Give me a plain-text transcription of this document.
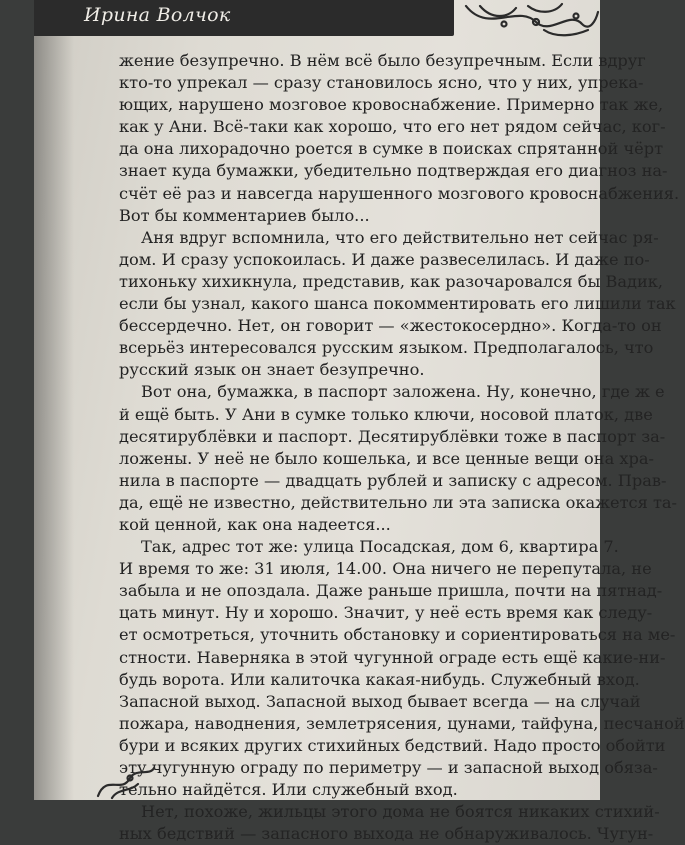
Ирина Волчок
жение безупречно. В нём всё было безупречным. Если вдруг
кто-то упрекал — сразу становилось ясно, что у них, упрека-
ющих, нарушено мозговое кровоснабжение. Примерно так же,
как у Ани. Всё-таки как хорошо, что его нет рядом сейчас, ког-
да она лихорадочно роется в сумке в поисках спрятанной чёрт
знает куда бумажки, убедительно подтверждая его диагноз на-
счёт её раз и навсегда нарушенного мозгового кровоснабжения.
Вот бы комментариев было...
Аня вдруг вспомнила, что его действительно нет сейчас ря-
дом. И сразу успокоилась. И даже развеселилась. И даже по-
тихоньку хихикнула, представив, как разочаровался бы Вадик,
если бы узнал, какого шанса покомментировать его лишили так
бессердечно. Нет, он говорит — «жестокосердно». Когда-то он
всерьёз интересовался русским языком. Предполагалось, что
русский язык он знает безупречно.
Вот она, бумажка, в паспорт заложена. Ну, конечно, где ж е
й ещё быть. У Ани в сумке только ключи, носовой платок, две
десятирублёвки и паспорт. Десятирублёвки тоже в паспорт за-
ложены. У неё не было кошелька, и все ценные вещи она хра-
нила в паспорте — двадцать рублей и записку с адресом. Прав-
да, ещё не известно, действительно ли эта записка окажется та-
кой ценной, как она надеется...
Так, адрес тот же: улица Посадская, дом 6, квартира 7.
И время то же: 31 июля, 14.00. Она ничего не перепутала, не
забыла и не опоздала. Даже раньше пришла, почти на пятнад-
цать минут. Ну и хорошо. Значит, у неё есть время как следу-
ет осмотреться, уточнить обстановку и сориентироваться на ме-
стности. Наверняка в этой чугунной ограде есть ещё какие-ни-
будь ворота. Или калиточка какая-нибудь. Служебный вход.
Запасной выход. Запасной выход бывает всегда — на случай
пожара, наводнения, землетрясения, цунами, тайфуна, песчаной
бури и всяких других стихийных бедствий. Надо просто обойти
эту чугунную ограду по периметру — и запасной выход обяза-
тельно найдётся. Или служебный вход.
Нет, похоже, жильцы этого дома не боятся никаких стихий-
ных бедствий — запасного выхода не обнаруживалось. Чугун-
